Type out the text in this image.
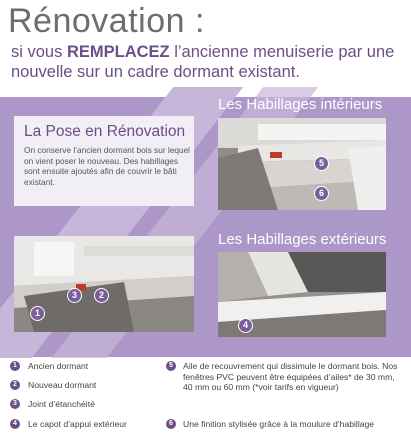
Rénovation :
si vous REMPLACEZ l’ancienne menuiserie par une nouvelle sur un cadre dormant existant.
La Pose en Rénovation
On conserve l’ancien dormant bois sur lequel on vient poser le nouveau. Des habillages sont ensuite ajoutés afin de couvrir le bâti existant.
Les Habillages intérieurs
Les Habillages extérieurs
5
6
1
2
3
4
1	Ancien dormant
2	Nouveau dormant
3	Joint d’étanchéité
4	Le capot d’appui extérieur
5	Aile de recouvrement qui dissimule le dormant bois. Nos fenêtres PVC peuvent être équipées d’ailes* de 30 mm, 40 mm ou 60 mm (*voir tarifs en vigueur)
6	Une finition stylisée grâce à la moulure d’habillage
